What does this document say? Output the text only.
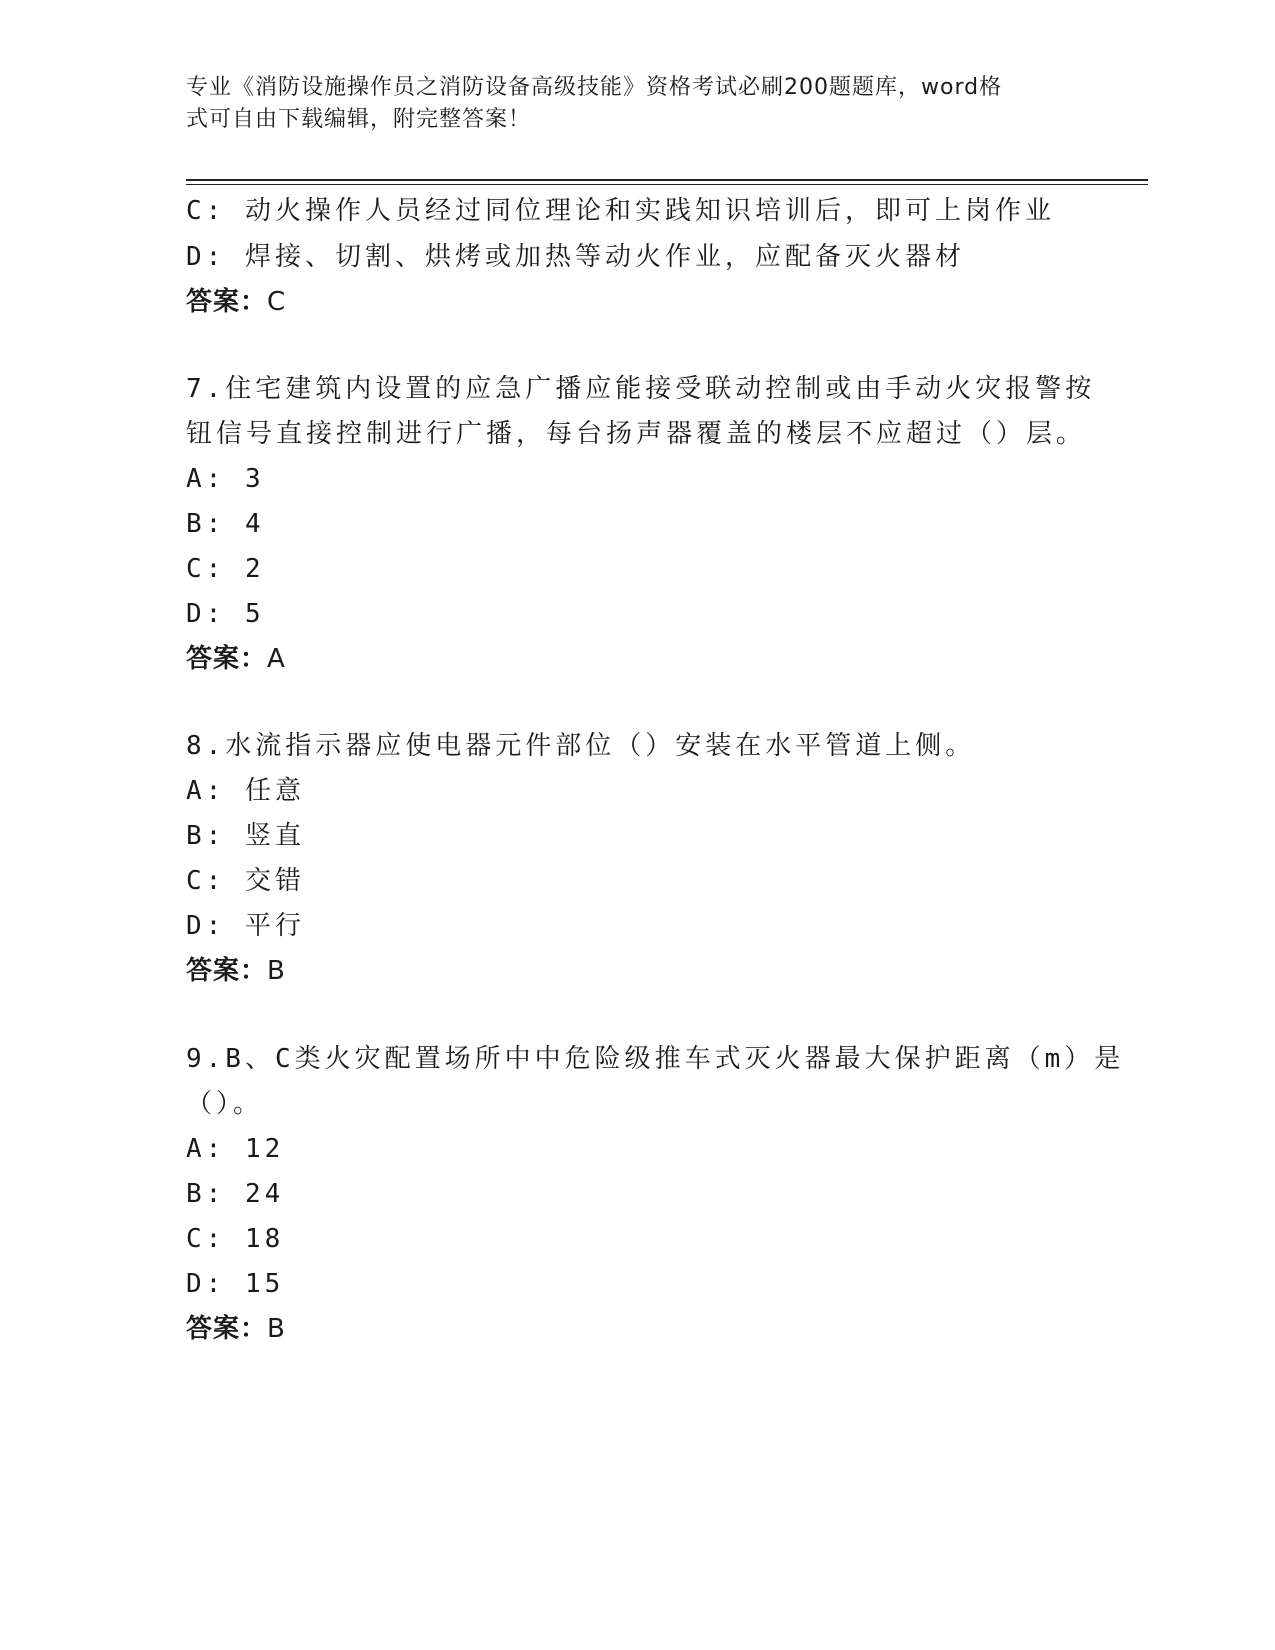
专业《消防设施操作员之消防设备高级技能》资格考试必刷200题题库，word格
式可自由下载编辑，附完整答案！
C: 动火操作人员经过同位理论和实践知识培训后，即可上岗作业
D: 焊接、切割、烘烤或加热等动火作业，应配备灭火器材
答案：C
7.住宅建筑内设置的应急广播应能接受联动控制或由手动火灾报警按
钮信号直接控制进行广播，每台扬声器覆盖的楼层不应超过（）层。
A: 3
B: 4
C: 2
D: 5
答案：A
8.水流指示器应使电器元件部位（）安装在水平管道上侧。
A: 任意
B: 竖直
C: 交错
D: 平行
答案：B
9.B、C类火灾配置场所中中危险级推车式灭火器最大保护距离（m）是
（）。
A: 12
B: 24
C: 18
D: 15
答案：B
